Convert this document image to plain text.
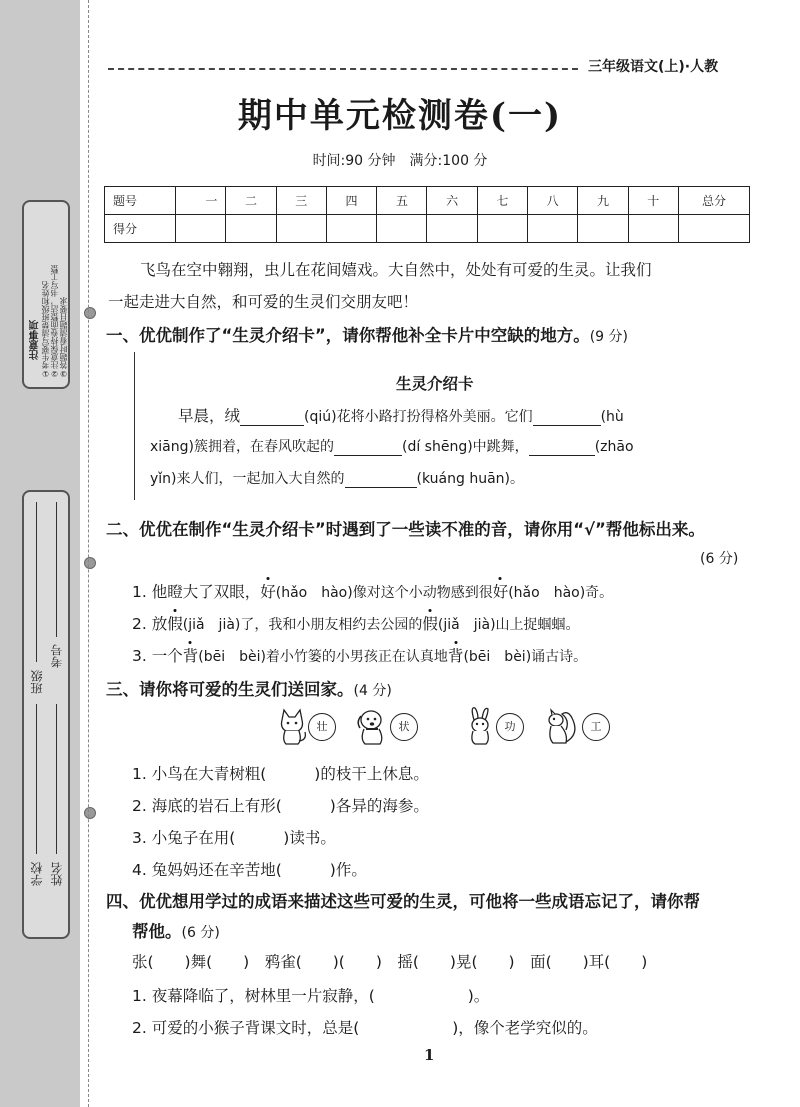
注意事项 ①考生要写清楚班级和姓名 ②注意保持卷面整洁，书写工整 ③答题时看清题目要求
班级
考号
学校 姓名
三年级语文(上)·人教
期中单元检测卷(一)
时间:90 分钟　满分:100 分
题号	一	二	三	四	五	六	七	八	九	十	总分
得分											
飞鸟在空中翱翔，虫儿在花间嬉戏。大自然中，处处有可爱的生灵。让我们
一起走进大自然，和可爱的生灵们交朋友吧！
一、优优制作了“生灵介绍卡”，请你帮他补全卡片中空缺的地方。(9 分)
生灵介绍卡
早晨，绒	(qiú)花将小路打扮得格外美丽。它们	(hù
xiāng)簇拥着，在春风吹起的	(dí shēng)中跳舞，	(zhāo
yǐn)来人们，一起加入大自然的	(kuáng huān)。
二、优优在制作“生灵介绍卡”时遇到了一些读不准的音，请你用“√”帮他标出来。
(6 分)
1. 他瞪大了双眼，好(hǎo　hào)像对这个小动物感到很好(hǎo　hào)奇。
2. 放假(jiǎ　jià)了，我和小朋友相约去公园的假(jiǎ　jià)山上捉蝈蝈。
3. 一个背(bēi　bèi)着小竹篓的小男孩正在认真地背(bēi　bèi)诵古诗。
三、请你将可爱的生灵们送回家。(4 分)
壮	状	功	工
1. 小鸟在大青树粗(	)的枝干上休息。
2. 海底的岩石上有形(	)各异的海参。
3. 小兔子在用(	)读书。
4. 兔妈妈还在辛苦地(	)作。
四、优优想用学过的成语来描述这些可爱的生灵，可他将一些成语忘记了，请你帮
帮他。(6 分)
张(　　)舞(　　)　鸦雀(　　)(　　)　摇(　　)晃(　　)　面(　　)耳(　　)
1. 夜幕降临了，树林里一片寂静，(　　　　　　)。
2. 可爱的小猴子背课文时，总是(　　　　　　)，像个老学究似的。
1
